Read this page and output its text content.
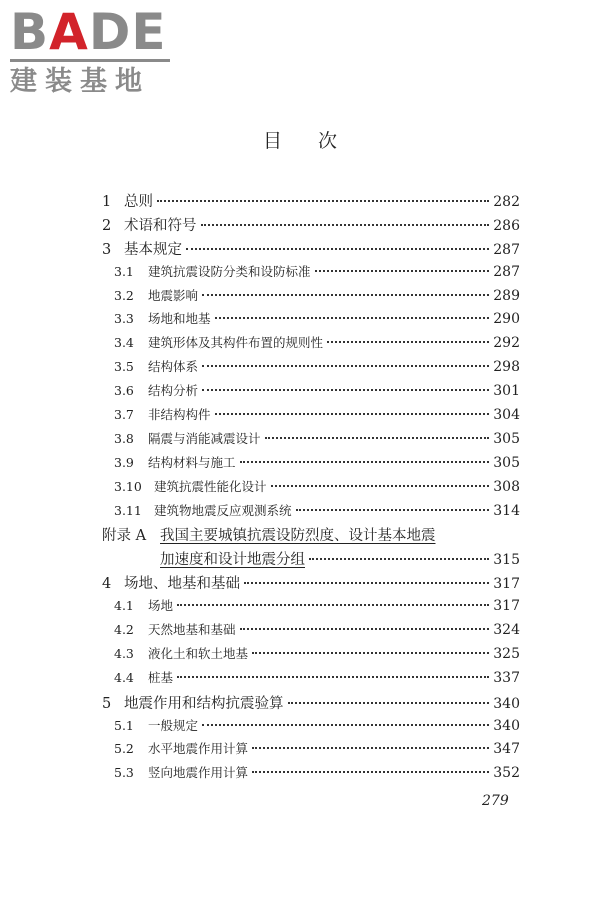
BADE
建装基地
目次
1 总则	282
2 术语和符号	286
3 基本规定	287
3.1	建筑抗震设防分类和设防标准	287
3.2	地震影响	289
3.3	场地和地基	290
3.4	建筑形体及其构件布置的规则性	292
3.5	结构体系	298
3.6	结构分析	301
3.7	非结构构件	304
3.8	隔震与消能减震设计	305
3.9	结构材料与施工	305
3.10 建筑抗震性能化设计	308
3.11 建筑物地震反应观测系统	314
附录 A 我国主要城镇抗震设防烈度、设计基本地震
加速度和设计地震分组	315
4 场地、地基和基础	317
4.1	场地	317
4.2	天然地基和基础	324
4.3	液化土和软土地基	325
4.4	桩基	337
5 地震作用和结构抗震验算	340
5.1	一般规定	340
5.2	水平地震作用计算	347
5.3	竖向地震作用计算	352
279
